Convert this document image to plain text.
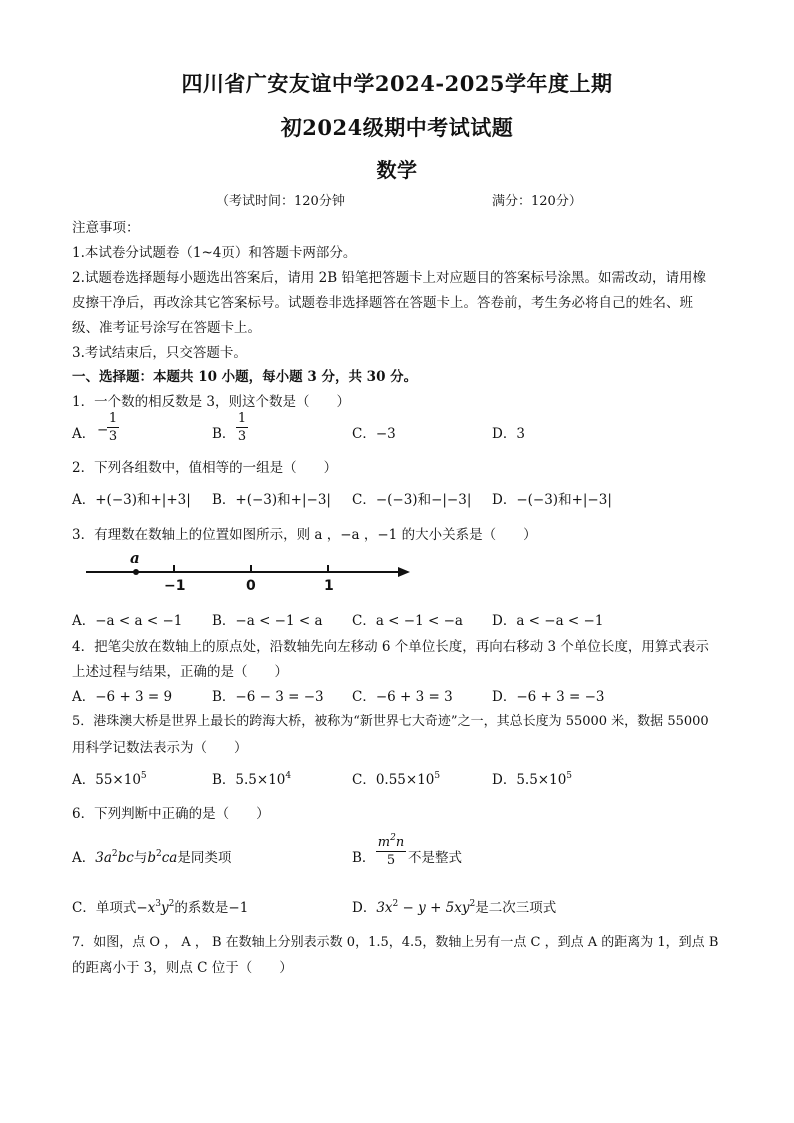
四川省广安友谊中学2024-2025学年度上期
初2024级期中考试试题
数学
（考试时间：120分钟	满分：120分）
注意事项：
1.本试卷分试题卷（1~4页）和答题卡两部分。
2.试题卷选择题每小题选出答案后，请用 2B 铅笔把答题卡上对应题目的答案标号涂黑。如需改动，请用橡
皮擦干净后，再改涂其它答案标号。试题卷非选择题答在答题卡上。答卷前，考生务必将自己的姓名、班
级、准考证号涂写在答题卡上。
3.考试结束后，只交答题卡。
一、选择题：本题共 10 小题，每小题 3 分，共 30 分。
1．一个数的相反数是 3，则这个数是（　　）
A． −
$\frac{1}{3}$	B． $\frac{1}{3}$	C．−3	D．3
2．下列各组数中，值相等的一组是（　　）
A．+(−3)和+|+3| B．+(−3)和+|−3| C．−(−3)和−|−3| D．−(−3)和+|−3|
3．有理数在数轴上的位置如图所示，则 a ，−a ，−1 的大小关系是（　　）
a
−1	0	1
A．−a < a < −1 B．−a < −1 < a C．a < −1 < −a D．a < −a < −1
4．把笔尖放在数轴上的原点处，沿数轴先向左移动 6 个单位长度，再向右移动 3 个单位长度，用算式表示
上述过程与结果，正确的是（　　）
A．−6 + 3 = 9	B．−6 − 3 = −3 C．−6 + 3 = 3	D．−6 + 3 = −3
5．港珠澳大桥是世界上最长的跨海大桥，被称为“新世界七大奇迹”之一，其总长度为 55000 米，数据 55000
用科学记数法表示为（　　）
A．$55\times 10^5$	B．$5.5\times 10^4$	C．$0.55\times 10^5$	D．$5.5\times 10^5$
6．下列判断中正确的是（　　）
A．$3a^2bc$与$b^2ca$是同类项	B． $\frac{m^2n}{5}$ 不是整式
C．单项式$-x^3y^2$的系数是−1	D．$3x^2 - y + 5xy^2$是二次三项式
7．如图，点 O ， A ， B 在数轴上分别表示数 0，1.5，4.5，数轴上另有一点 C ，到点 A 的距离为 1，到点 B
的距离小于 3，则点 C 位于（　　）
